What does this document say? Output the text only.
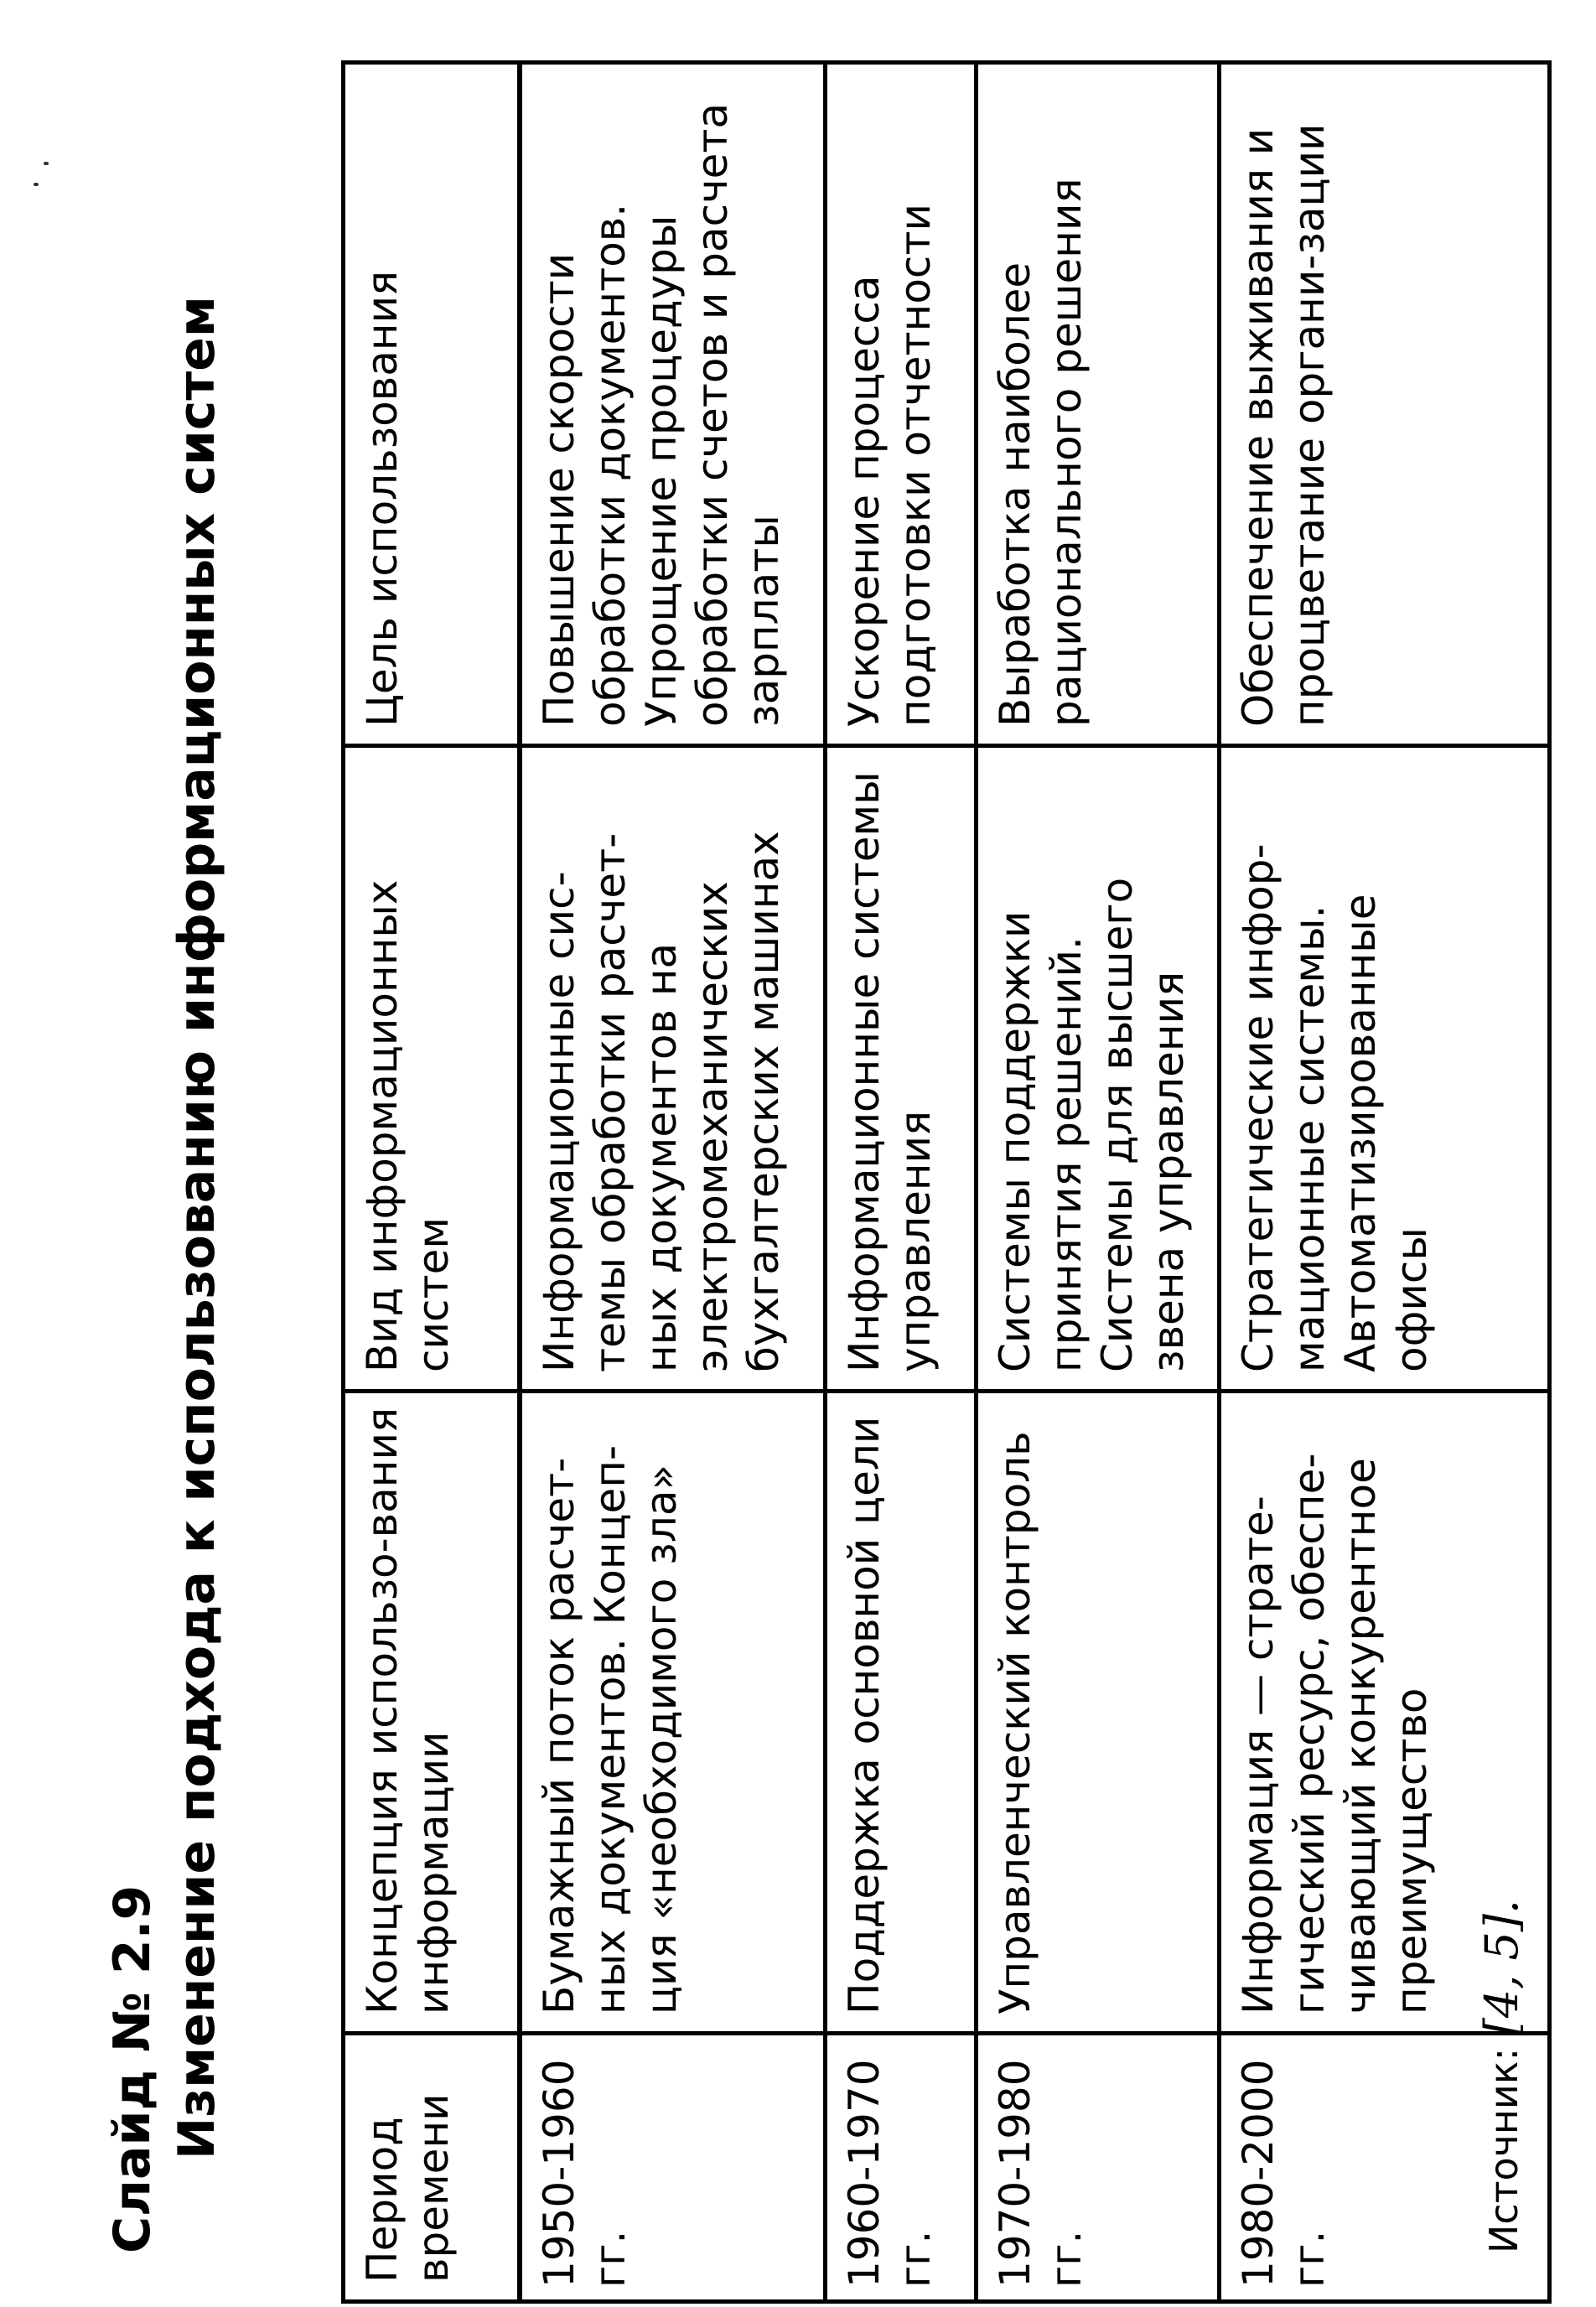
Слайд № 2.9 Изменение подхода к использованию информационных систем
Период времени	Концепция использо-вания информации	Вид информационных систем	Цель использования
1950-1960 гг.	Бумажный поток расчет-ных документов. Концеп-ция «необходимого зла»	Информационные сис-темы обработки расчет-ных документов на электромеханических бухгалтерских машинах	Повышение скорости обработки документов. Упрощение процедуры обработки счетов и расчета зарплаты
1960-1970 гг.	Поддержка основной цели	Информационные системы управления	Ускорение процесса подготовки отчетности
1970-1980 гг.	Управленческий контроль	Системы поддержки принятия решений. Системы для высшего звена управления	Выработка наиболее рационального решения
1980-2000 гг.	Информация — страте-гический ресурс, обеспе-чивающий конкурентное преимущество	Стратегические инфор-мационные системы. Автоматизированные офисы	Обеспечение выживания и процветание органи-зации
Источник: [4, 5].
